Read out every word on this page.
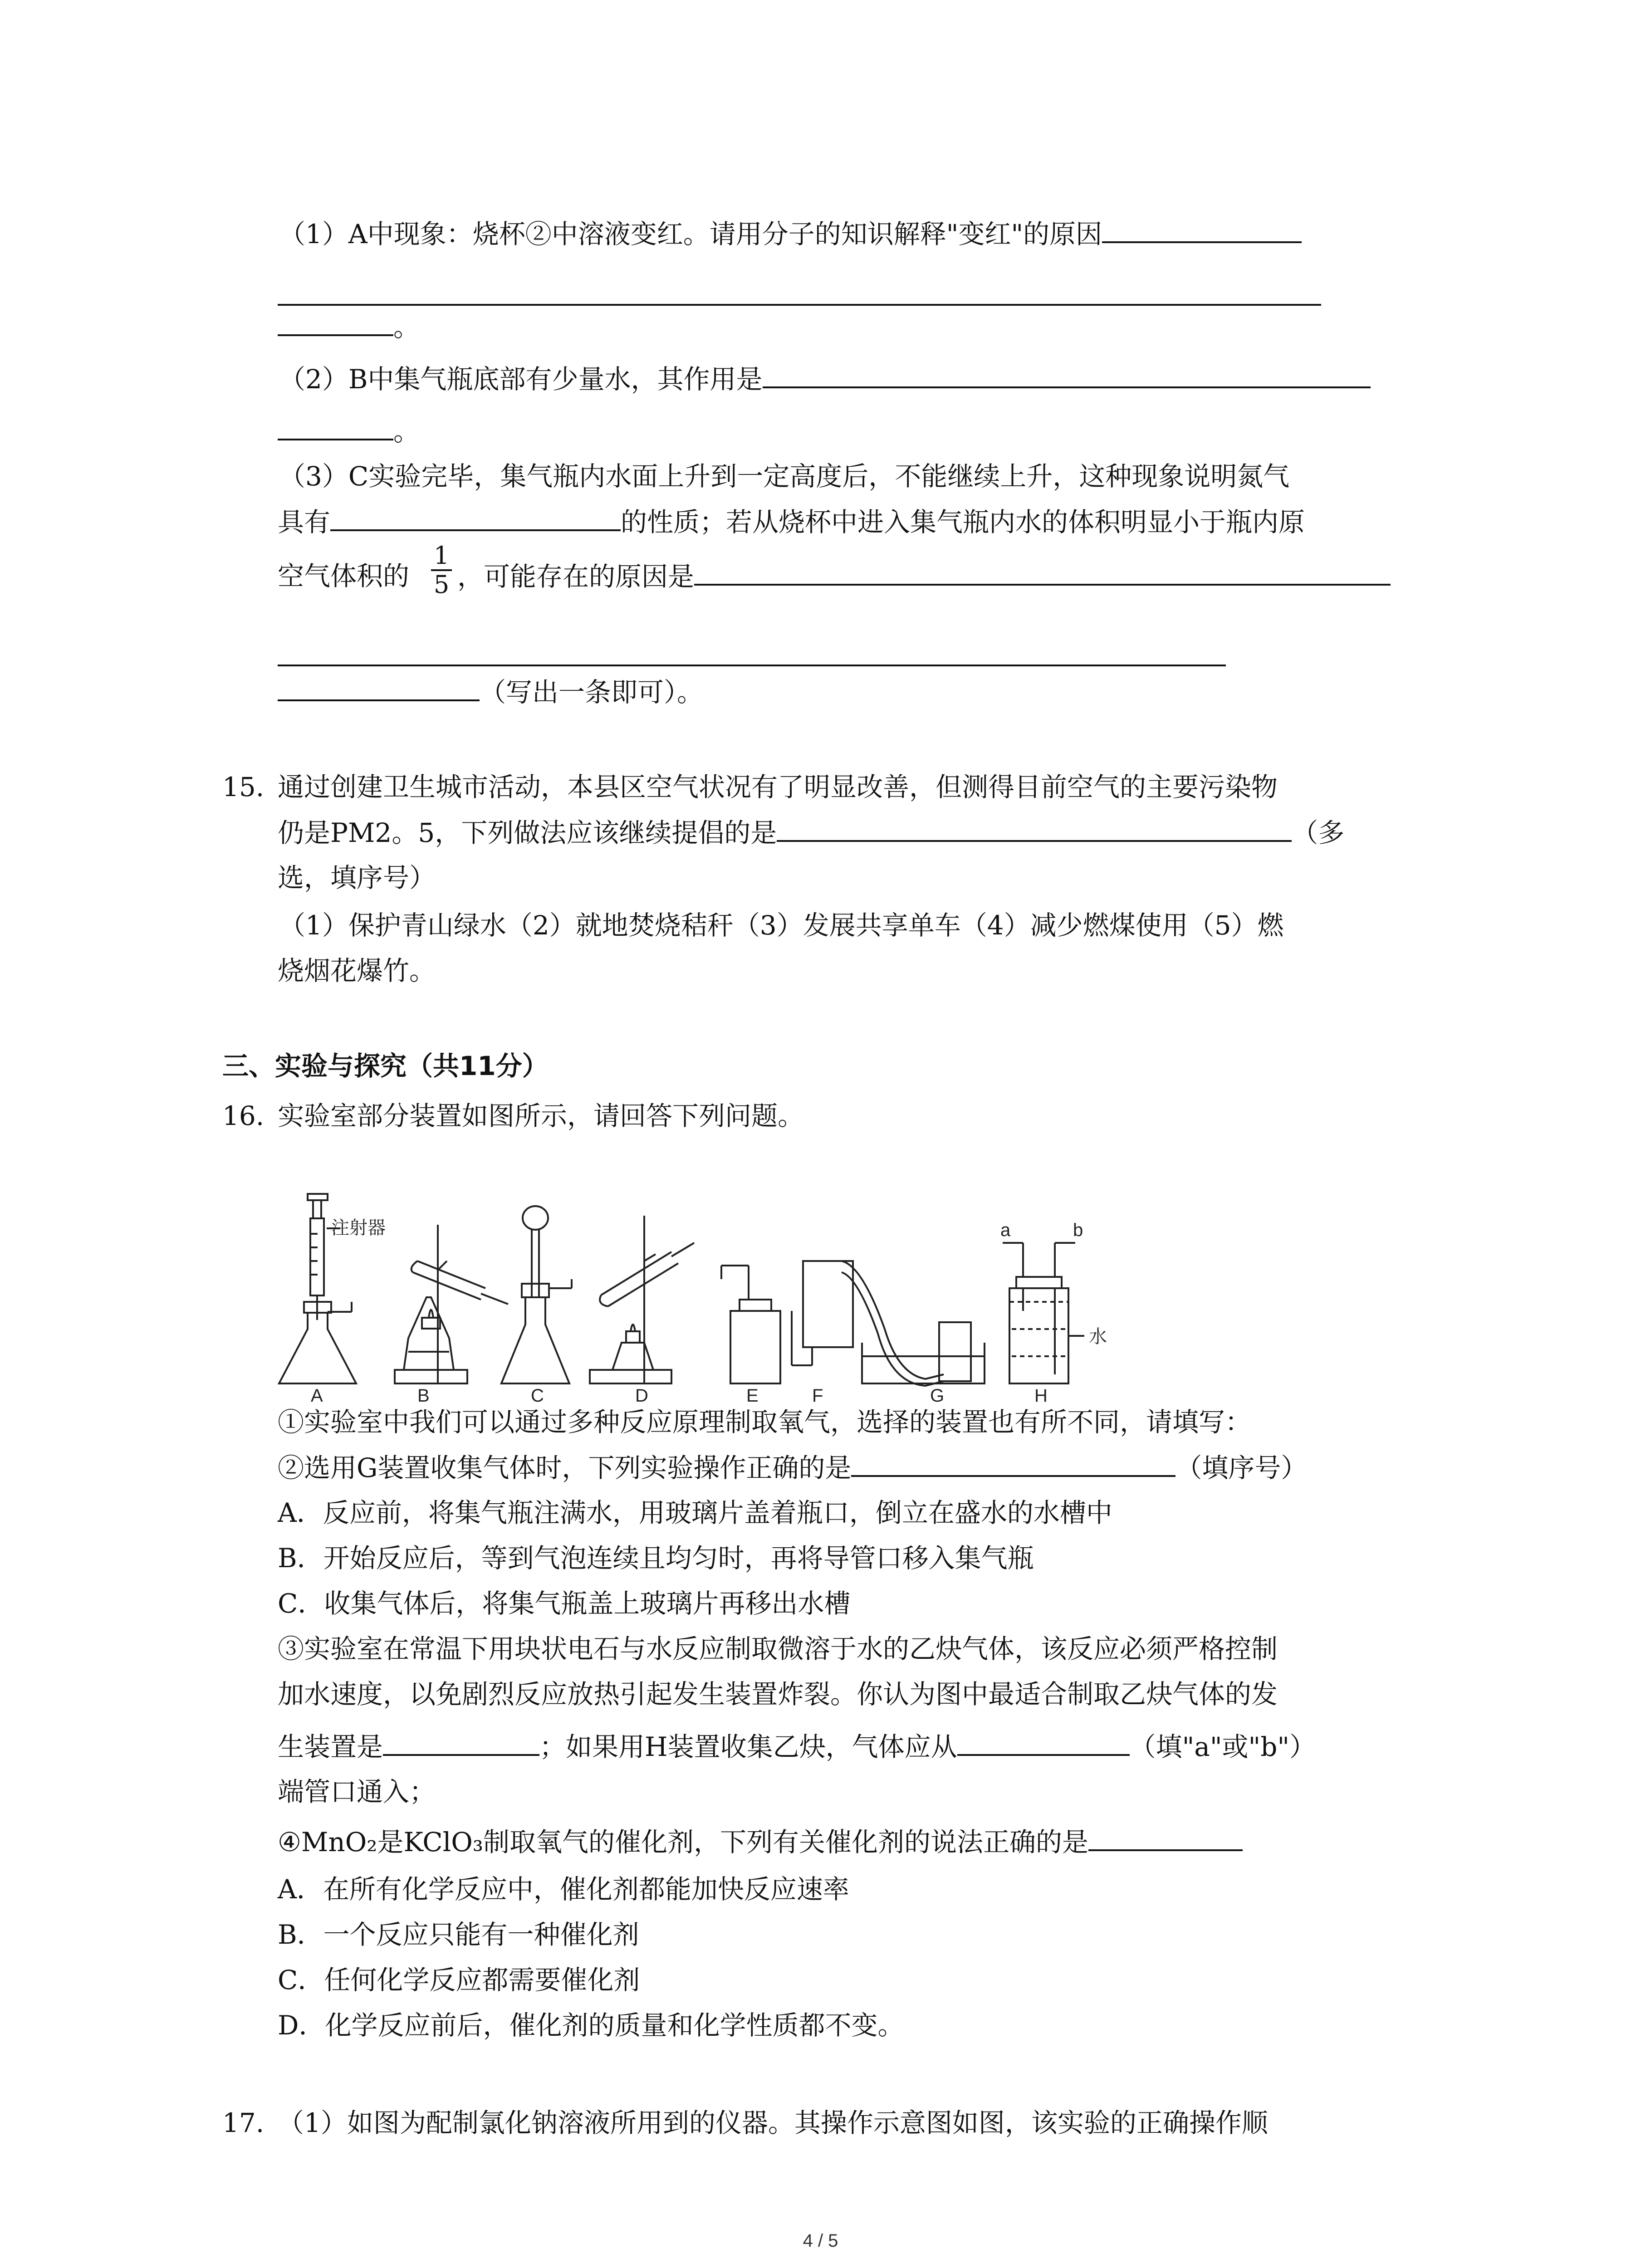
（1）A中现象：烧杯②中溶液变红。请用分子的知识解释"变红"的原因
。
（2）B中集气瓶底部有少量水，其作用是
。
（3）C实验完毕，集气瓶内水面上升到一定高度后，不能继续上升，这种现象说明氮气
具有	的性质；若从烧杯中进入集气瓶内水的体积明显小于瓶内原
空气体积的
1
5 ，可能存在的原因是
（写出一条即可）。
15. 通过创建卫生城市活动，本县区空气状况有了明显改善，但测得目前空气的主要污染物
仍是PM2。5，下列做法应该继续提倡的是	（多
选，填序号）
（1）保护青山绿水（2）就地焚烧秸秆（3）发展共享单车（4）减少燃煤使用（5）燃
烧烟花爆竹。
三、实验与探究（共11分）
16. 实验室部分装置如图所示，请回答下列问题。
注射器
水
a	b
A	B	C	D	E	F	G	H
①实验室中我们可以通过多种反应原理制取氧气，选择的装置也有所不同，请填写：
②选用G装置收集气体时，下列实验操作正确的是	（填序号）
A．反应前，将集气瓶注满水，用玻璃片盖着瓶口，倒立在盛水的水槽中
B．开始反应后，等到气泡连续且均匀时，再将导管口移入集气瓶
C．收集气体后，将集气瓶盖上玻璃片再移出水槽
③实验室在常温下用块状电石与水反应制取微溶于水的乙炔气体，该反应必须严格控制
加水速度，以免剧烈反应放热引起发生装置炸裂。你认为图中最适合制取乙炔气体的发
生装置是	；如果用H装置收集乙炔，气体应从	（填"a"或"b"）
端管口通入；
④MnO₂是KClO₃制取氧气的催化剂，下列有关催化剂的说法正确的是
A．在所有化学反应中，催化剂都能加快反应速率
B．一个反应只能有一种催化剂
C．任何化学反应都需要催化剂
D．化学反应前后，催化剂的质量和化学性质都不变。
17. （1）如图为配制氯化钠溶液所用到的仪器。其操作示意图如图，该实验的正确操作顺
4 / 5
